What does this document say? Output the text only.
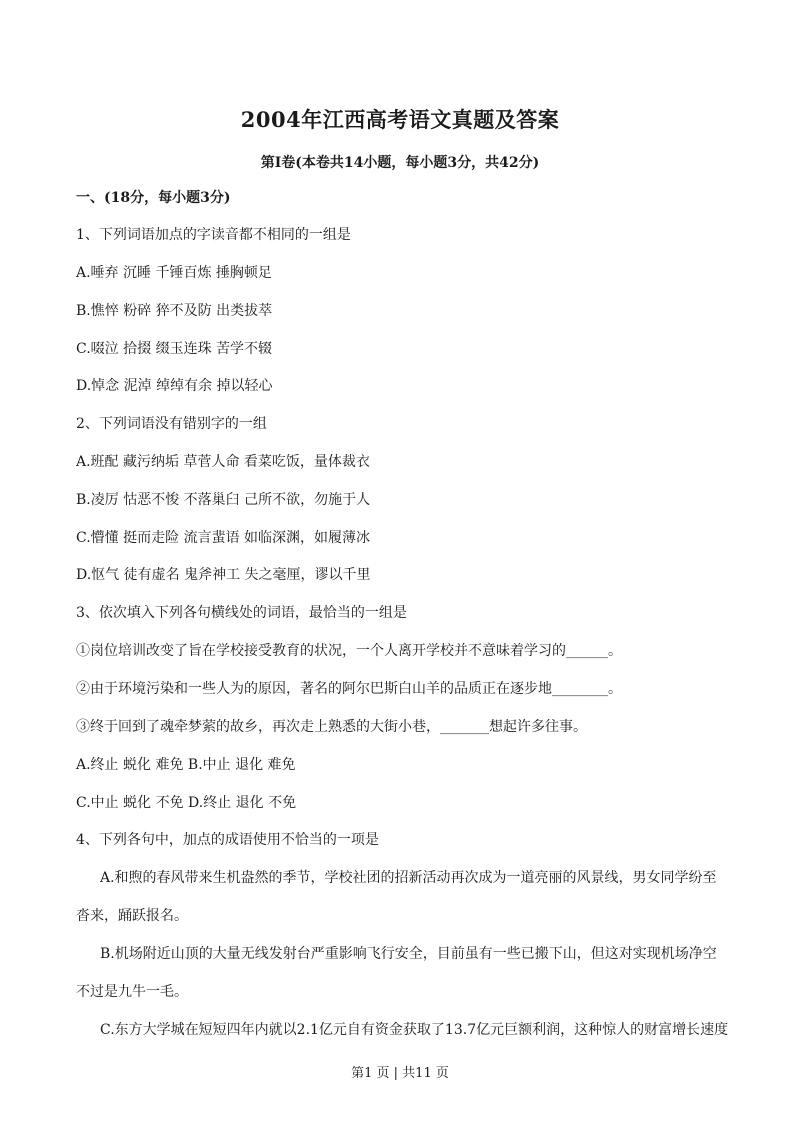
2004年江西高考语文真题及答案
第Ⅰ卷(本卷共14小题，每小题3分，共42分)
一、(18分，每小题3分)
1、下列词语加点的字读音都不相同的一组是
A.唾弃 沉睡 千锤百炼 捶胸顿足
B.憔悴 粉碎 猝不及防 出类拔萃
C.啜泣 拾掇 缀玉连珠 苦学不辍
D.悼念 泥淖 绰绰有余 掉以轻心
2、下列词语没有错别字的一组
A.班配 藏污纳垢 草菅人命 看菜吃饭，量体裁衣
B.凌厉 怙恶不悛 不落巢臼 己所不欲，勿施于人
C.懵懂 挺而走险 流言蜚语 如临深渊，如履薄冰
D.怄气 徒有虚名 鬼斧神工 失之毫厘，谬以千里
3、依次填入下列各句横线处的词语，最恰当的一组是
①岗位培训改变了旨在学校接受教育的状况，一个人离开学校并不意味着学习的______。
②由于环境污染和一些人为的原因，著名的阿尔巴斯白山羊的品质正在逐步地________。
③终于回到了魂牵梦萦的故乡，再次走上熟悉的大街小巷，_______想起许多往事。
A.终止 蜕化 难免 B.中止 退化 难免
C.中止 蜕化 不免 D.终止 退化 不免
4、下列各句中，加点的成语使用不恰当的一项是
A.和煦的春风带来生机盎然的季节，学校社团的招新活动再次成为一道亮丽的风景线，男女同学纷至
沓来，踊跃报名。
B.机场附近山顶的大量无线发射台严重影响飞行安全，目前虽有一些已搬下山，但这对实现机场净空
不过是九牛一毛。
C.东方大学城在短短四年内就以2.1亿元自有资金获取了13.7亿元巨额利润，这种惊人的财富增长速度
第1 页 | 共11 页
